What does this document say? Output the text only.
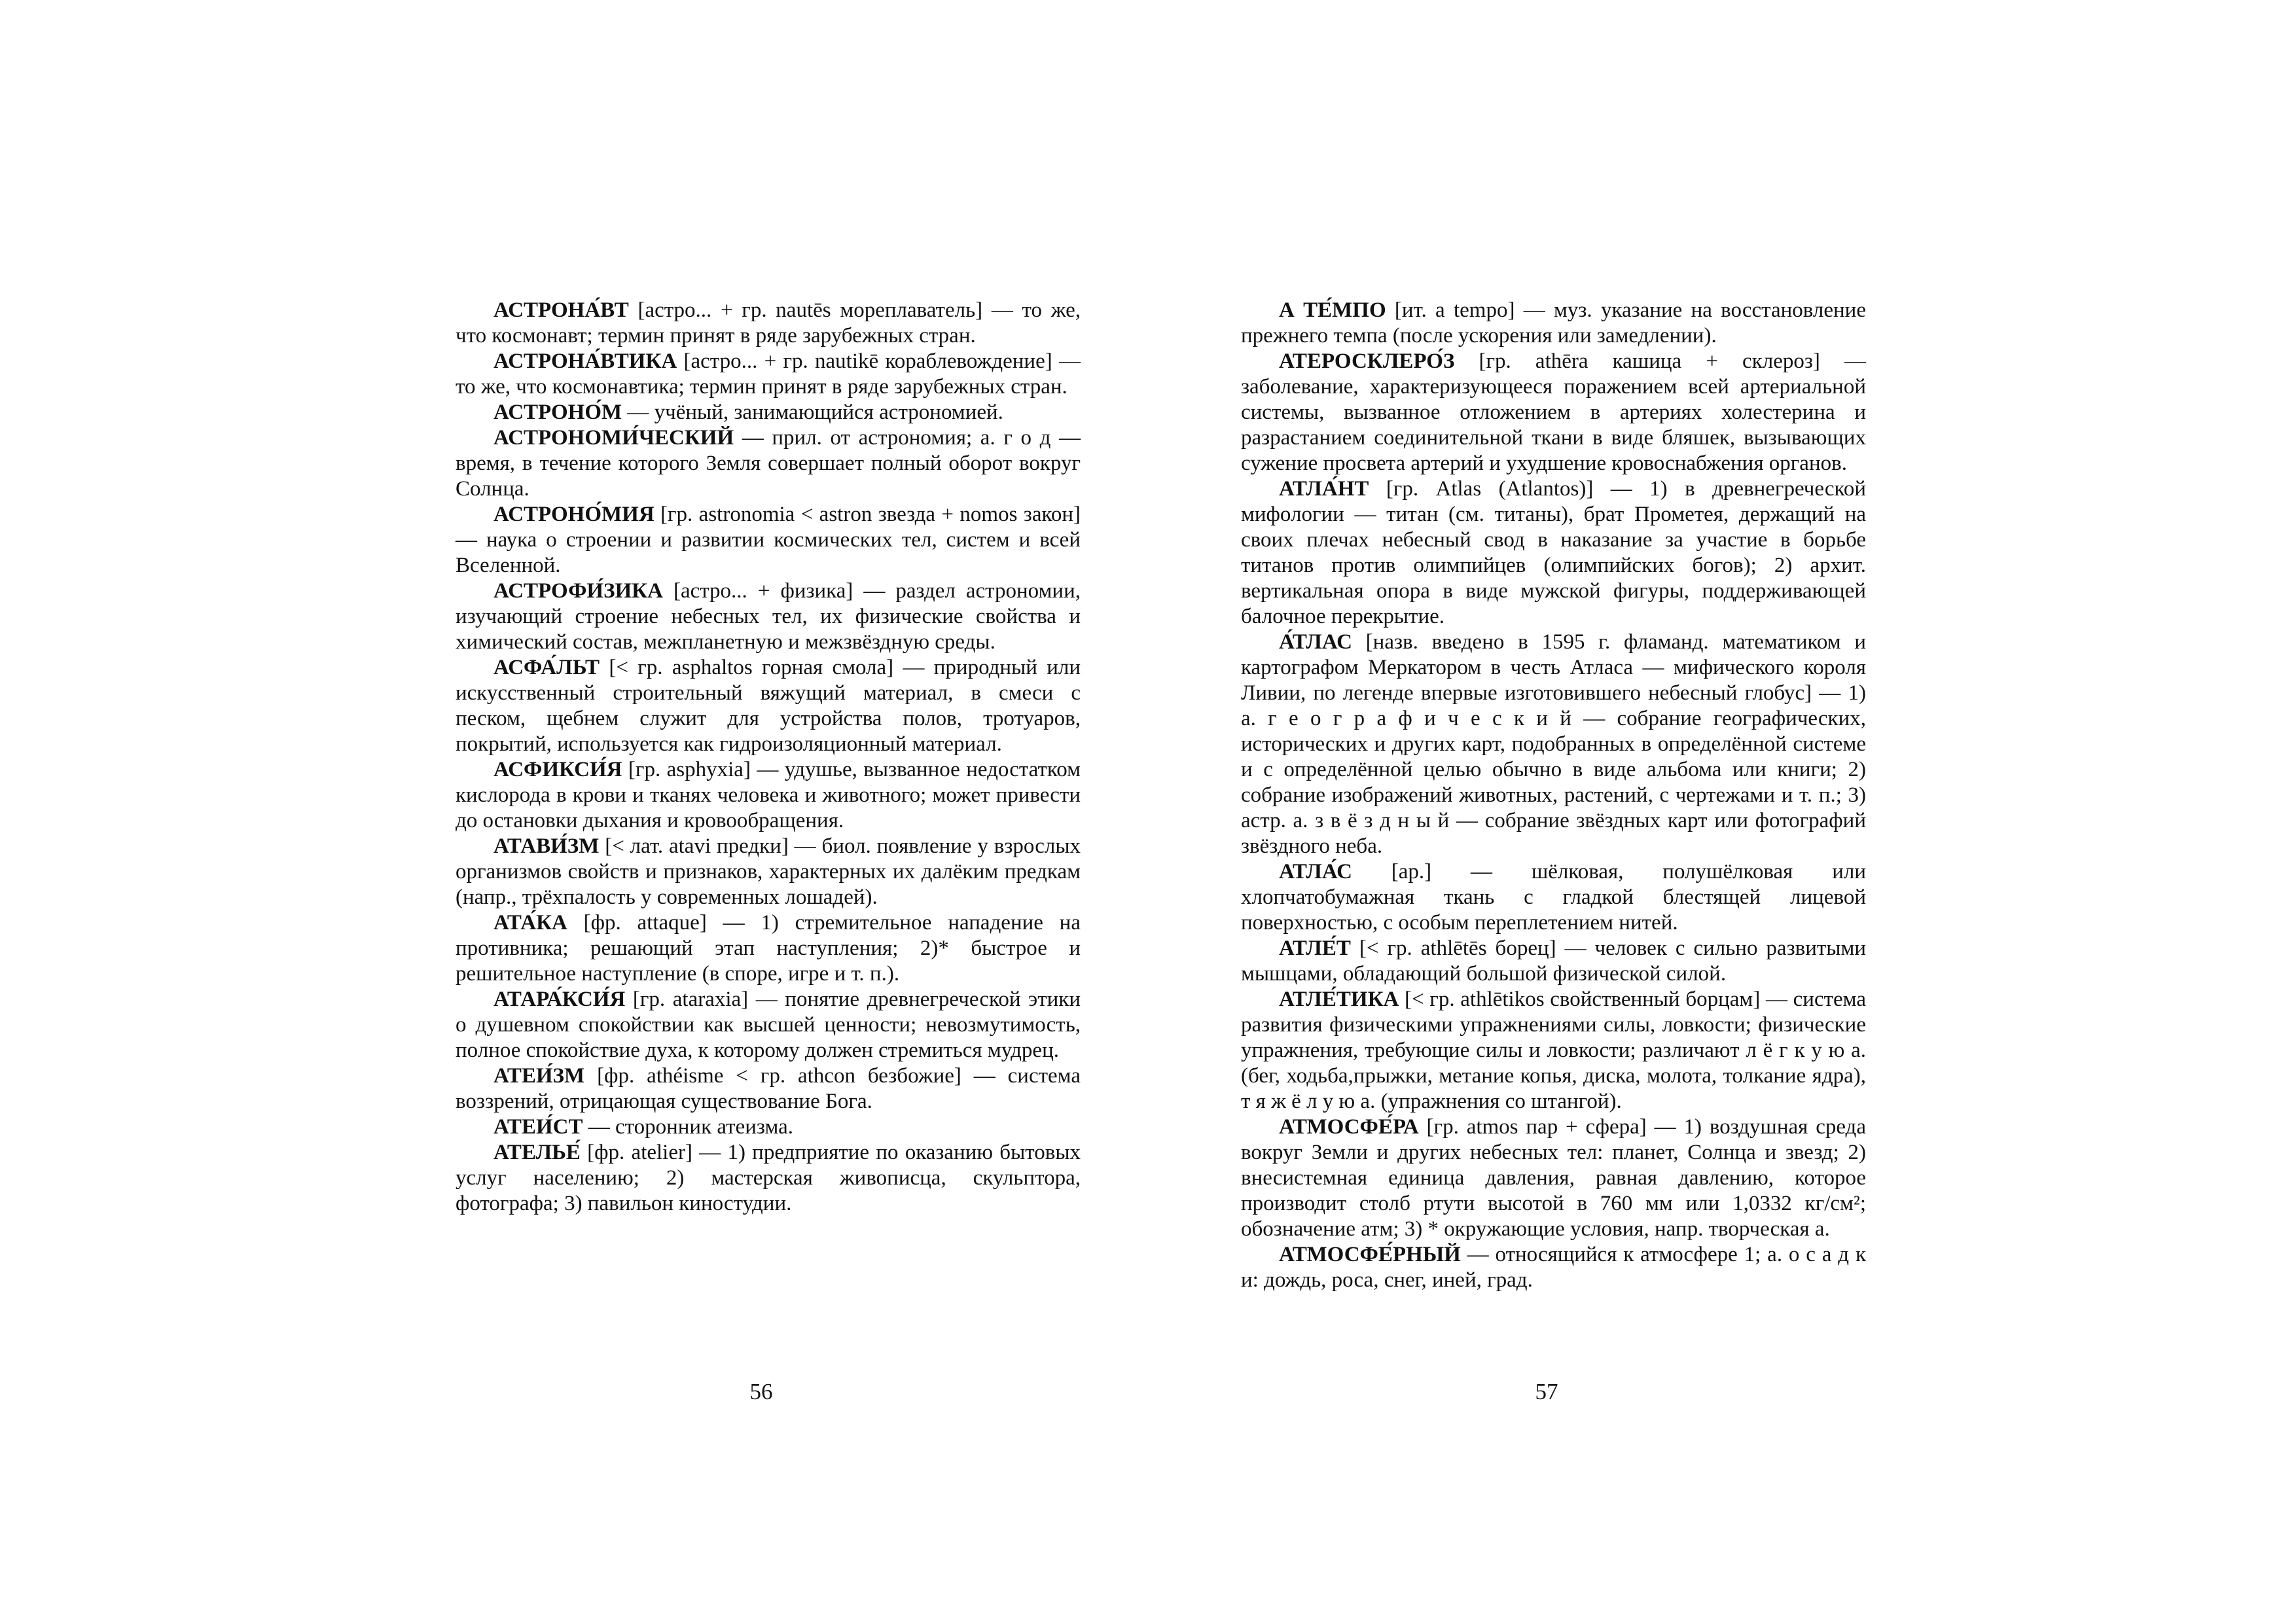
АСТРОНА́ВТ [астро... + гр. nautēs мореплаватель] — то же, что космонавт; термин принят в ряде зарубежных стран.

АСТРОНА́ВТИКА [астро... + гр. nautikē кораблевождение] — то же, что космонавтика; термин принят в ряде зарубежных стран.

АСТРОНО́М — учёный, занимающийся астрономией.

АСТРОНОМИ́ЧЕСКИЙ — прил. от астрономия; а. г о д — время, в течение которого Земля совершает полный оборот вокруг Солнца.

АСТРОНО́МИЯ [гр. astronomia < astron звезда + nomos закон] — наука о строении и развитии космических тел, систем и всей Вселенной.

АСТРОФИ́ЗИКА [астро... + физика] — раздел астрономии, изучающий строение небесных тел, их физические свойства и химический состав, межпланетную и межзвёздную среды.

АСФА́ЛЬТ [< гр. asphaltos горная смола] — природный или искусственный строительный вяжущий материал, в смеси с песком, щебнем служит для устройства полов, тротуаров, покрытий, используется как гидроизоляционный материал.

АСФИКСИ́Я [гр. asphyxia] — удушье, вызванное недостатком кислорода в крови и тканях человека и животного; может привести до остановки дыхания и кровообращения.

АТАВИ́ЗМ [< лат. atavi предки] — биол. появление у взрослых организмов свойств и признаков, характерных их далёким предкам (напр., трёхпалость у современных лошадей).

АТА́КА [фр. attaque] — 1) стремительное нападение на противника; решающий этап наступления; 2)* быстрое и решительное наступление (в споре, игре и т. п.).

АТАРА́КСИ́Я [гр. ataraxia] — понятие древнегреческой этики о душевном спокойствии как высшей ценности; невозмутимость, полное спокойствие духа, к которому должен стремиться мудрец.

АТЕИ́ЗМ [фр. athéisme < гр. athcon безбожие] — система воззрений, отрицающая существование Бога.

АТЕИ́СТ — сторонник атеизма.

АТЕЛЬЕ́ [фр. atelier] — 1) предприятие по оказанию бытовых услуг населению; 2) мастерская живописца, скульптора, фотографа; 3) павильон киностудии.

А ТЕ́МПО [ит. a tempo] — муз. указание на восстановление прежнего темпа (после ускорения или замедлении).

АТЕРОСКЛЕРО́З [гр. athēra кашица + склероз] — заболевание, характеризующееся поражением всей артериальной системы, вызванное отложением в артериях холестерина и разрастанием соединительной ткани в виде бляшек, вызывающих сужение просвета артерий и ухудшение кровоснабжения органов.

АТЛА́НТ [гр. Atlas (Atlantos)] — 1) в древнегреческой мифологии — титан (см. титаны), брат Прометея, держащий на своих плечах небесный свод в наказание за участие в борьбе титанов против олимпийцев (олимпийских богов); 2) архит. вертикальная опора в виде мужской фигуры, поддерживающей балочное перекрытие.

А́ТЛАС [назв. введено в 1595 г. фламанд. математиком и картографом Меркатором в честь Атласа — мифического короля Ливии, по легенде впервые изготовившего небесный глобус] — 1) а. г е о г р а ф и ч е с к и й — собрание географических, исторических и других карт, подобранных в определённой системе и с определённой целью обычно в виде альбома или книги; 2) собрание изображений животных, растений, с чертежами и т. п.; 3) астр. а. з в ё з д н ы й — собрание звёздных карт или фотографий звёздного неба.

АТЛА́С [ар.] — шёлковая, полушёлковая или хлопчатобумажная ткань с гладкой блестящей лицевой поверхностью, с особым переплетением нитей.

АТЛЕ́Т [< гр. athlētēs борец] — человек с сильно развитыми мышцами, обладающий большой физической силой.

АТЛЕ́ТИКА [< гр. athlētikos свойственный борцам] — система развития физическими упражнениями силы, ловкости; физические упражнения, требующие силы и ловкости; различают л ё г к у ю а. (бег, ходьба,прыжки, метание копья, диска, молота, толкание ядра), т я ж ё л у ю а. (упражнения со штангой).

АТМОСФЕ́РА [гр. atmos пар + сфера] — 1) воздушная среда вокруг Земли и других небесных тел: планет, Солнца и звезд; 2) внесистемная единица давления, равная давлению, которое производит столб ртути высотой в 760 мм или 1,0332 кг/см²; обозначение атм; 3) * окружающие условия, напр. творческая а.

АТМОСФЕ́РНЫЙ — относящийся к атмосфере 1; а. о с а д к и: дождь, роса, снег, иней, град.

56	57
